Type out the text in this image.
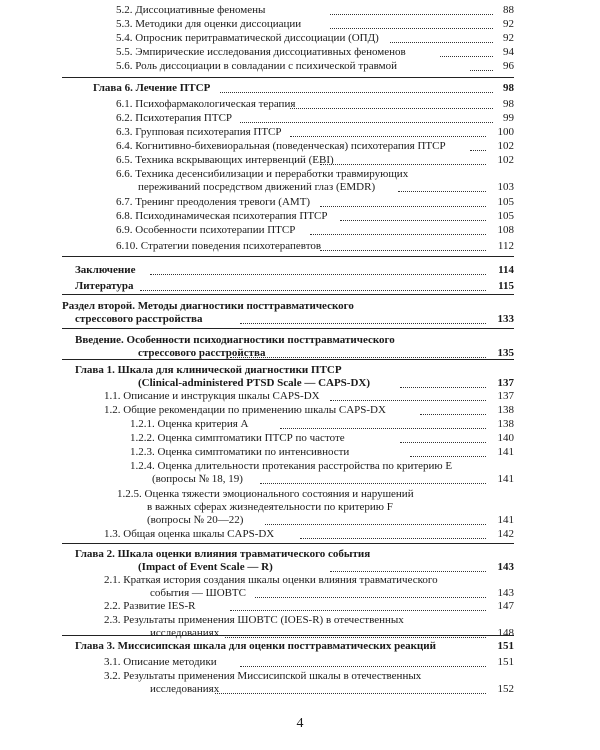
5.2. Диссоциативные феномены	88
5.3. Методики для оценки диссоциации	92
5.4. Опросник перитравматической диссоциации (ОПД)	92
5.5. Эмпирические исследования диссоциативных феноменов	94
5.6. Роль диссоциации в совладании с психической травмой	96
Глава 6. Лечение ПТСР	98
6.1. Психофармакологическая терапия	98
6.2. Психотерапия ПТСР	99
6.3. Групповая психотерапия ПТСР	100
6.4. Когнитивно-бихевиоральная (поведенческая) психотерапия ПТСР	102
6.5. Техника вскрывающих интервенций (EBI)	102
6.6. Техника десенсибилизации и переработки травмирующих
переживаний посредством движений глаз (EMDR)	103
6.7. Тренинг преодоления тревоги (АМТ)	105
6.8. Психодинамическая психотерапия ПТСР	105
6.9. Особенности психотерапии ПТСР	108
6.10. Стратегии поведения психотерапевтов	112
Заключение	114
Литература	115
Раздел второй. Методы диагностики посттравматического
стрессового расстройства	133
Введение. Особенности психодиагностики посттравматического
стрессового расстройства	135
Глава 1. Шкала для клинической диагностики ПТСР
(Clinical-administered PTSD Scale — CAPS-DX)	137
1.1. Описание и инструкция шкалы CAPS-DX	137
1.2. Общие рекомендации по применению шкалы CAPS-DX	138
1.2.1. Оценка критерия А	138
1.2.2. Оценка симптоматики ПТСР по частоте	140
1.2.3. Оценка симптоматики по интенсивности	141
1.2.4. Оценка длительности протекания расстройства по критерию Е
(вопросы № 18, 19)	141
1.2.5. Оценка тяжести эмоционального состояния и нарушений
в важных сферах жизнедеятельности по критерию F
(вопросы № 20—22)	141
1.3. Общая оценка шкалы CAPS-DX	142
Глава 2. Шкала оценки влияния травматического события
(Impact of Event Scale — R)	143
2.1. Краткая история создания шкалы оценки влияния травматического
события — ШОВТС	143
2.2. Развитие IES-R	147
2.3. Результаты применения ШОВТС (IOES-R) в отечественных
исследованиях	148
Глава 3. Миссисипская шкала для оценки посттравматических реакций	151
3.1. Описание методики	151
3.2. Результаты применения Миссисипской шкалы в отечественных
исследованиях	152
4
